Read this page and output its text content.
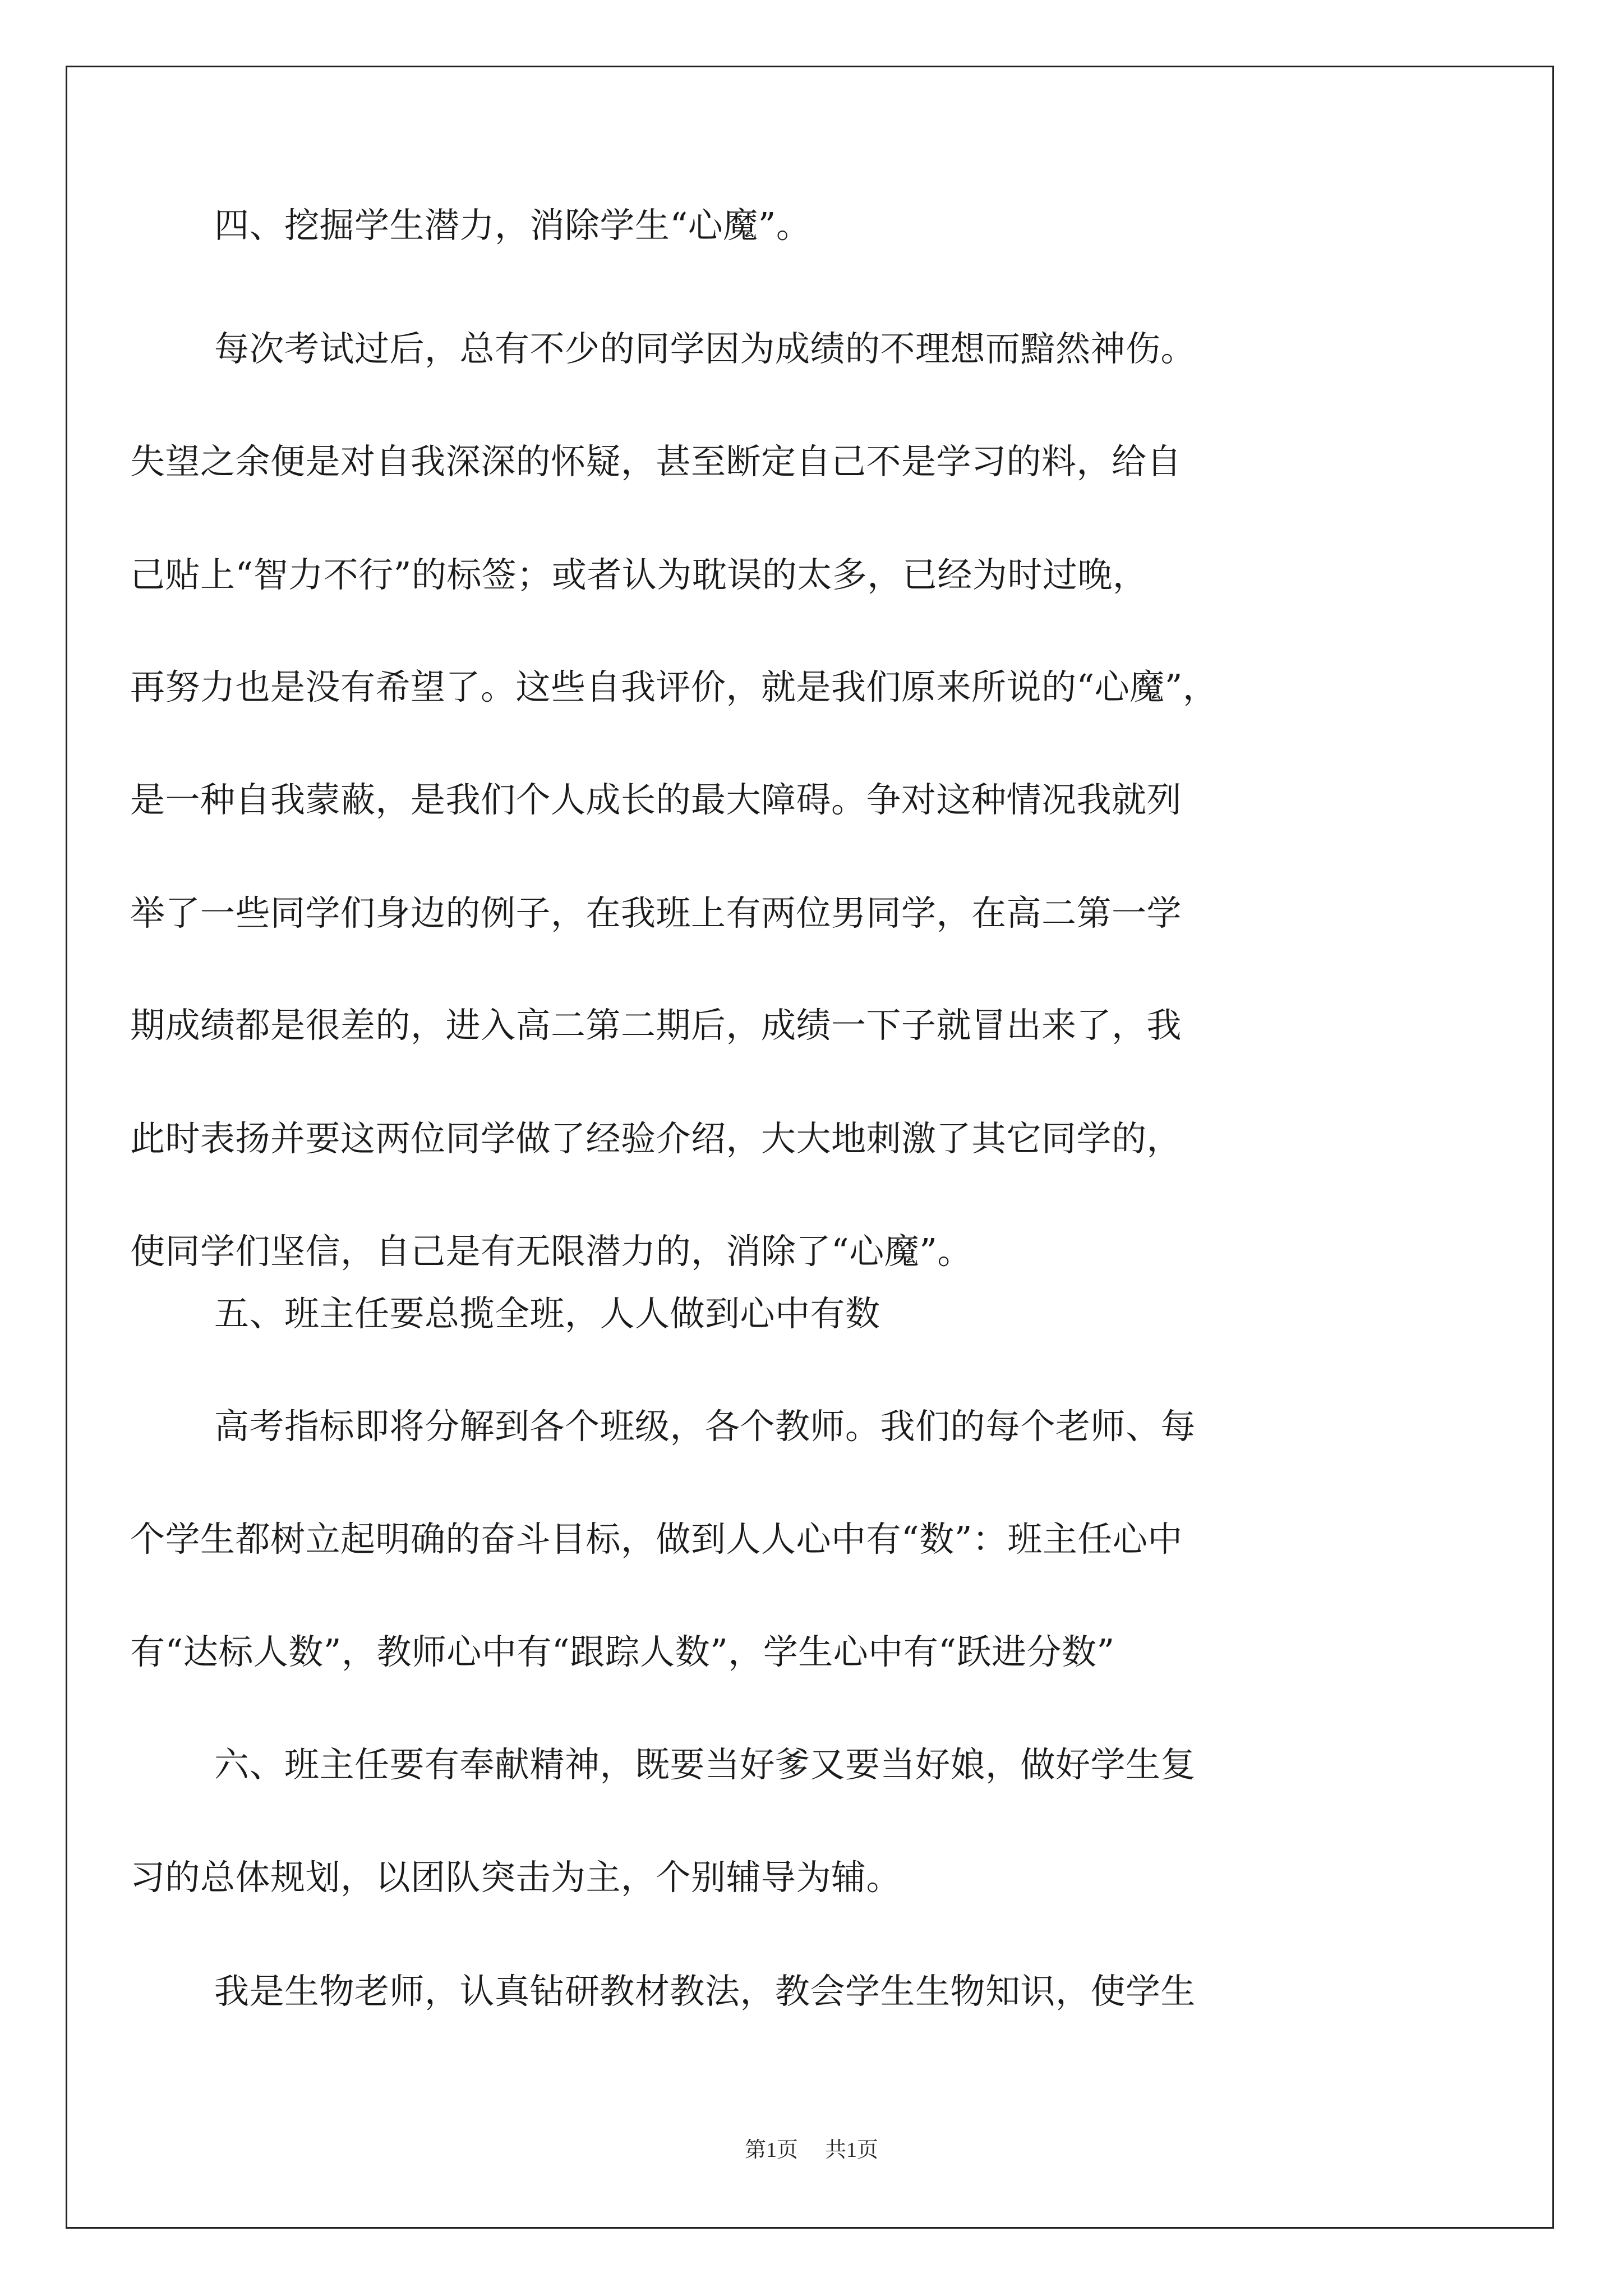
四、挖掘学生潜力，消除学生“心魔”。
每次考试过后，总有不少的同学因为成绩的不理想而黯然神伤。
失望之余便是对自我深深的怀疑，甚至断定自己不是学习的料，给自
己贴上“智力不行”的标签；或者认为耽误的太多，已经为时过晚，
再努力也是没有希望了。这些自我评价，就是我们原来所说的“心魔”，
是一种自我蒙蔽，是我们个人成长的最大障碍。争对这种情况我就列
举了一些同学们身边的例子，在我班上有两位男同学，在高二第一学
期成绩都是很差的，进入高二第二期后，成绩一下子就冒出来了，我
此时表扬并要这两位同学做了经验介绍，大大地刺激了其它同学的，
使同学们坚信，自己是有无限潜力的，消除了“心魔”。
五、班主任要总揽全班，人人做到心中有数
高考指标即将分解到各个班级，各个教师。我们的每个老师、每
个学生都树立起明确的奋斗目标，做到人人心中有“数”：班主任心中
有“达标人数”，教师心中有“跟踪人数”，学生心中有“跃进分数”
六、班主任要有奉献精神，既要当好爹又要当好娘，做好学生复
习的总体规划，以团队突击为主，个别辅导为辅。
我是生物老师，认真钻研教材教法，教会学生生物知识，使学生
第1页 共1页
